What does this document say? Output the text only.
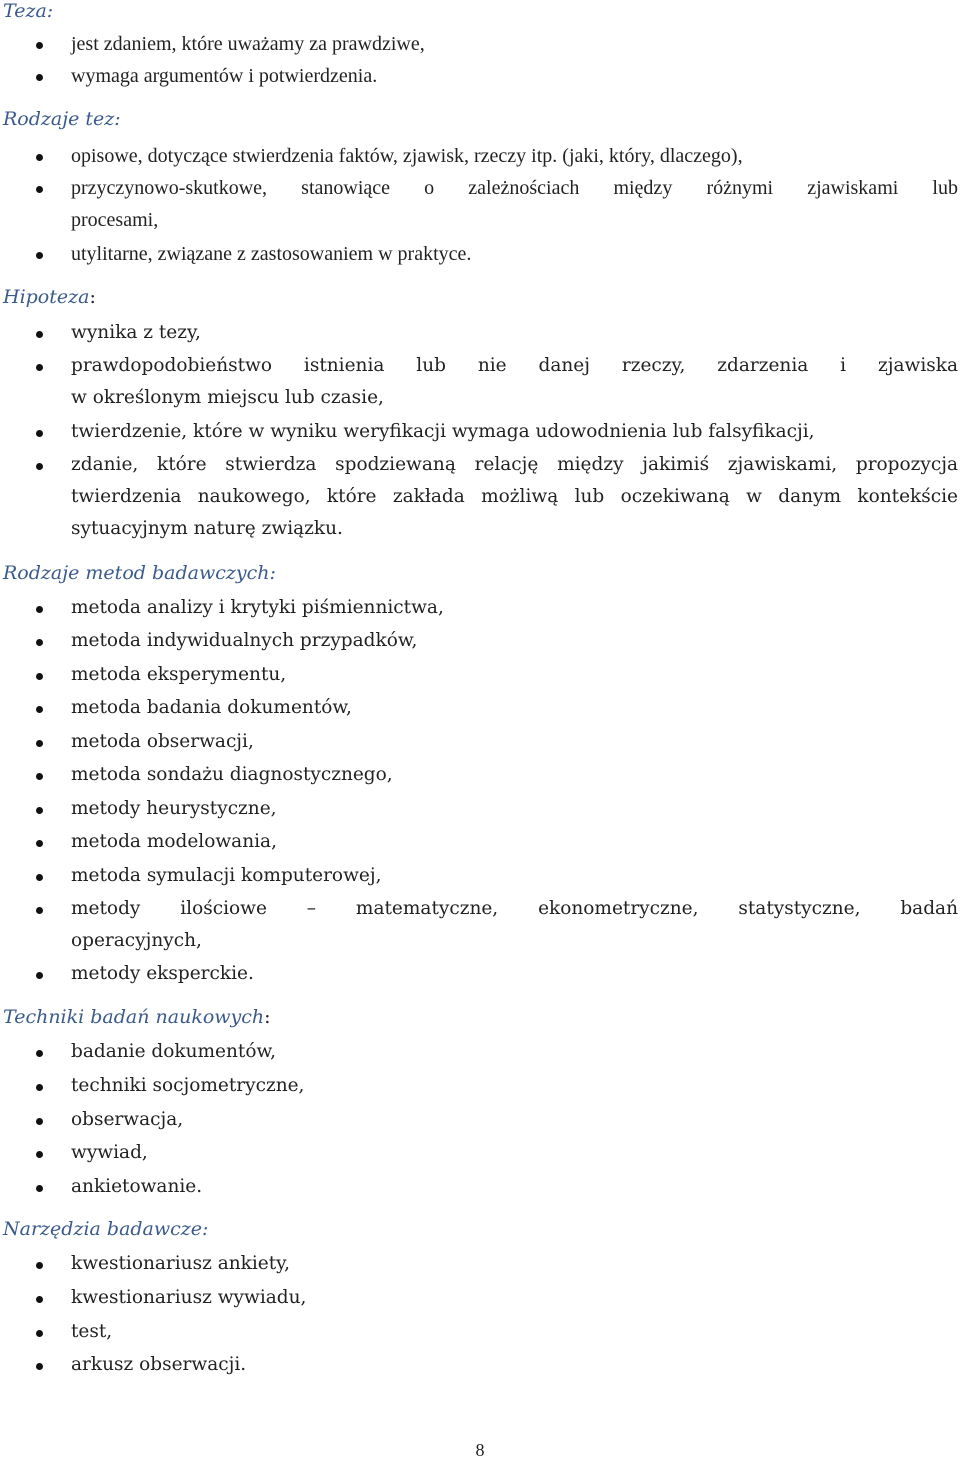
Teza:
jest zdaniem, które uważamy za prawdziwe,
wymaga argumentów i potwierdzenia.
Rodzaje tez:
opisowe, dotyczące stwierdzenia faktów, zjawisk, rzeczy itp. (jaki, który, dlaczego),
przyczynowo-skutkowe, stanowiące o zależnościach między różnymi zjawiskami lub
procesami,
utylitarne, związane z zastosowaniem w praktyce.
Hipoteza:
wynika z tezy,
prawdopodobieństwo istnienia lub nie danej rzeczy, zdarzenia i zjawiska
w określonym miejscu lub czasie,
twierdzenie, które w wyniku weryfikacji wymaga udowodnienia lub falsyfikacji,
zdanie, które stwierdza spodziewaną relację między jakimiś zjawiskami, propozycja
twierdzenia naukowego, które zakłada możliwą lub oczekiwaną w danym kontekście
sytuacyjnym naturę związku.
Rodzaje metod badawczych:
metoda analizy i krytyki piśmiennictwa,
metoda indywidualnych przypadków,
metoda eksperymentu,
metoda badania dokumentów,
metoda obserwacji,
metoda sondażu diagnostycznego,
metody heurystyczne,
metoda modelowania,
metoda symulacji komputerowej,
metody ilościowe – matematyczne, ekonometryczne, statystyczne, badań
operacyjnych,
metody eksperckie.
Techniki badań naukowych:
badanie dokumentów,
techniki socjometryczne,
obserwacja,
wywiad,
ankietowanie.
Narzędzia badawcze:
kwestionariusz ankiety,
kwestionariusz wywiadu,
test,
arkusz obserwacji.
8
